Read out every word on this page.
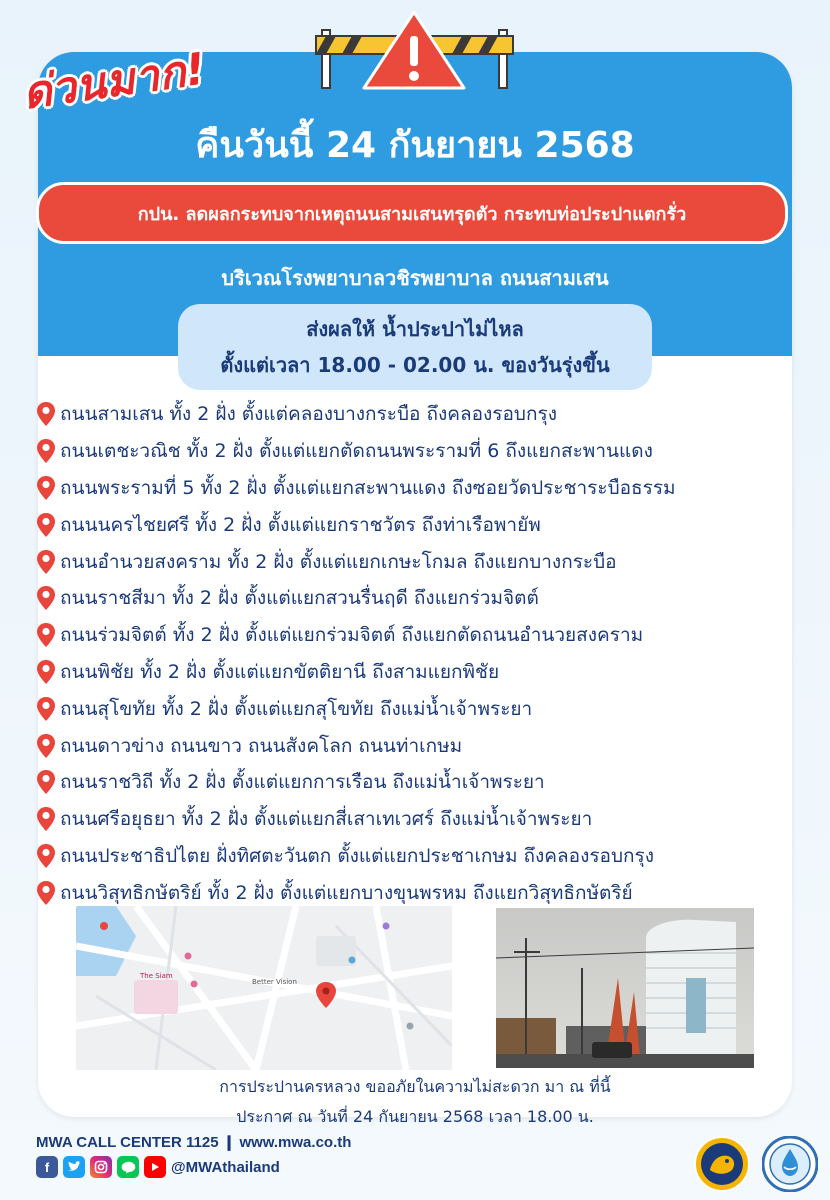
ด่วนมาก!
คืนวันนี้ 24 กันยายน 2568
กปน. ลดผลกระทบจากเหตุถนนสามเสนทรุดตัว กระทบท่อประปาแตกรั่ว
บริเวณโรงพยาบาลวชิรพยาบาล ถนนสามเสน
ส่งผลให้ น้ำประปาไม่ไหล
ตั้งแต่เวลา 18.00 - 02.00 น. ของวันรุ่งขึ้น
ถนนสามเสน ทั้ง 2 ฝั่ง ตั้งแต่คลองบางกระบือ ถึงคลองรอบกรุง
ถนนเตชะวณิช ทั้ง 2 ฝั่ง ตั้งแต่แยกตัดถนนพระรามที่ 6 ถึงแยกสะพานแดง
ถนนพระรามที่ 5 ทั้ง 2 ฝั่ง ตั้งแต่แยกสะพานแดง ถึงซอยวัดประชาระบือธรรม
ถนนนครไชยศรี ทั้ง 2 ฝั่ง ตั้งแต่แยกราชวัตร ถึงท่าเรือพายัพ
ถนนอำนวยสงคราม ทั้ง 2 ฝั่ง ตั้งแต่แยกเกษะโกมล ถึงแยกบางกระบือ
ถนนราชสีมา ทั้ง 2 ฝั่ง ตั้งแต่แยกสวนรื่นฤดี ถึงแยกร่วมจิตต์
ถนนร่วมจิตต์ ทั้ง 2 ฝั่ง ตั้งแต่แยกร่วมจิตต์ ถึงแยกตัดถนนอำนวยสงคราม
ถนนพิชัย ทั้ง 2 ฝั่ง ตั้งแต่แยกขัตติยานี ถึงสามแยกพิชัย
ถนนสุโขทัย ทั้ง 2 ฝั่ง ตั้งแต่แยกสุโขทัย ถึงแม่น้ำเจ้าพระยา
ถนนดาวข่าง ถนนขาว ถนนสังคโลก ถนนท่าเกษม
ถนนราชวิถี ทั้ง 2 ฝั่ง ตั้งแต่แยกการเรือน ถึงแม่น้ำเจ้าพระยา
ถนนศรีอยุธยา ทั้ง 2 ฝั่ง ตั้งแต่แยกสี่เสาเทเวศร์ ถึงแม่น้ำเจ้าพระยา
ถนนประชาธิปไตย ฝั่งทิศตะวันตก ตั้งแต่แยกประชาเกษม ถึงคลองรอบกรุง
ถนนวิสุทธิกษัตริย์ ทั้ง 2 ฝั่ง ตั้งแต่แยกบางขุนพรหม ถึงแยกวิสุทธิกษัตริย์
The Siam
Better Vision
การประปานครหลวง ขออภัยในความไม่สะดวก มา ณ ที่นี้
ประกาศ ณ วันที่ 24 กันยายน 2568 เวลา 18.00 น.
MWA CALL CENTER 1125 ❙ www.mwa.co.th
f	@MWAthailand
